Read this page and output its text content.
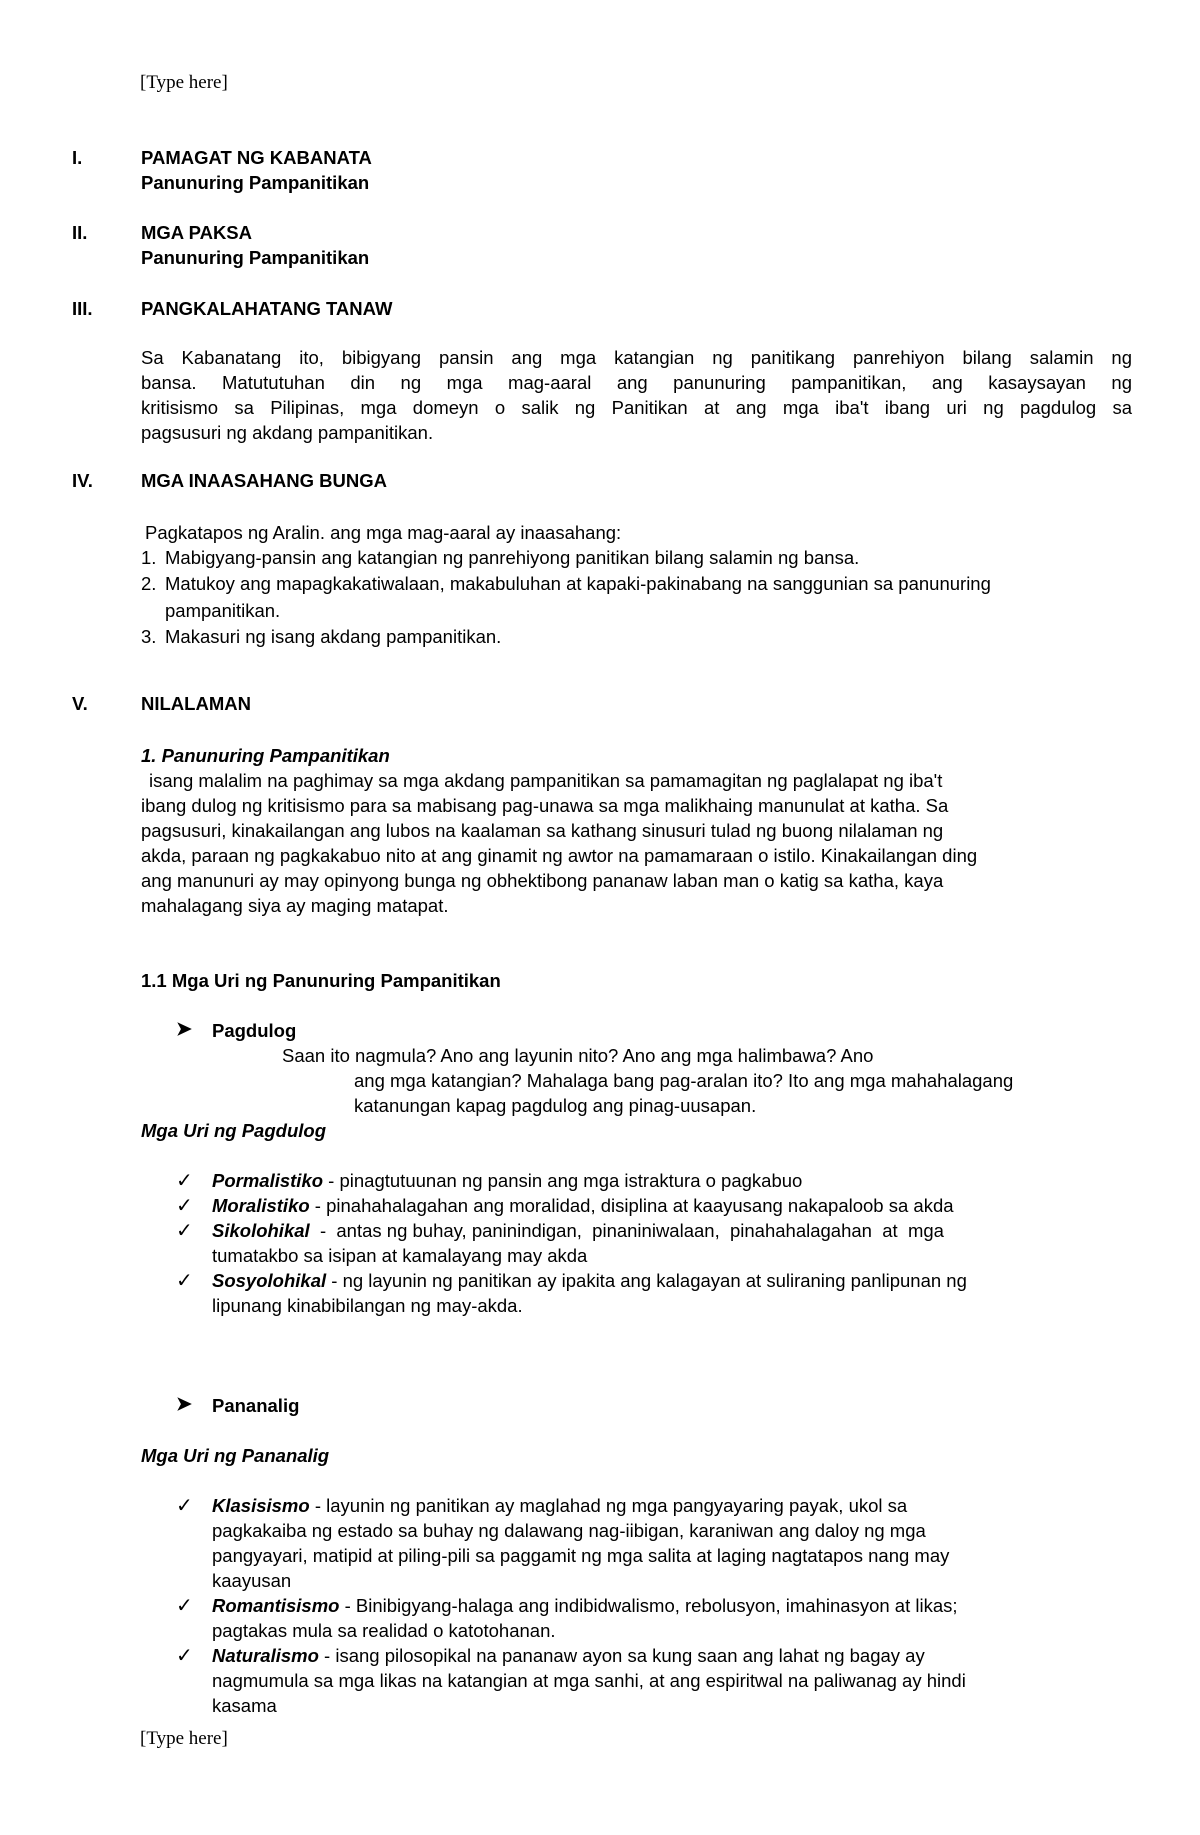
[Type here]
I.	PAMAGAT NG KABANATA
Panunuring Pampanitikan
II.	MGA PAKSA
Panunuring Pampanitikan
III.	PANGKALAHATANG TANAW
Sa Kabanatang ito, bibigyang pansin ang mga katangian ng panitikang panrehiyon bilang salamin ng
bansa. Matututuhan din ng mga mag-aaral ang panunuring pampanitikan, ang kasaysayan ng
kritisismo sa Pilipinas, mga domeyn o salik ng Panitikan at ang mga iba't ibang uri ng pagdulog sa
pagsusuri ng akdang pampanitikan.
IV.	MGA INAASAHANG BUNGA
Pagkatapos ng Aralin. ang mga mag-aaral ay inaasahang:
1. Mabigyang-pansin ang katangian ng panrehiyong panitikan bilang salamin ng bansa.
2. Matukoy ang mapagkakatiwalaan, makabuluhan at kapaki-pakinabang na sanggunian sa panunuring
pampanitikan.
3. Makasuri ng isang akdang pampanitikan.
V.	NILALAMAN
1. Panunuring Pampanitikan
isang malalim na paghimay sa mga akdang pampanitikan sa pamamagitan ng paglalapat ng iba't
ibang dulog ng kritisismo para sa mabisang pag-unawa sa mga malikhaing manunulat at katha. Sa
pagsusuri, kinakailangan ang lubos na kaalaman sa kathang sinusuri tulad ng buong nilalaman ng
akda, paraan ng pagkakabuo nito at ang ginamit ng awtor na pamamaraan o istilo. Kinakailangan ding
ang manunuri ay may opinyong bunga ng obhektibong pananaw laban man o katig sa katha, kaya
mahalagang siya ay maging matapat.
1.1 Mga Uri ng Panunuring Pampanitikan
➤ Pagdulog
Saan ito nagmula? Ano ang layunin nito? Ano ang mga halimbawa? Ano
ang mga katangian? Mahalaga bang pag-aralan ito? Ito ang mga mahahalagang
katanungan kapag pagdulog ang pinag-uusapan.
Mga Uri ng Pagdulog
✓ Pormalistiko - pinagtutuunan ng pansin ang mga istraktura o pagkabuo
✓ Moralistiko - pinahahalagahan ang moralidad, disiplina at kaayusang nakapaloob sa akda
✓ Sikolohikal  -  antas ng buhay, paninindigan,  pinaniniwalaan,  pinahahalagahan  at  mga
tumatakbo sa isipan at kamalayang may akda
✓ Sosyolohikal - ng layunin ng panitikan ay ipakita ang kalagayan at suliraning panlipunan ng
lipunang kinabibilangan ng may-akda.
➤ Pananalig
Mga Uri ng Pananalig
✓ Klasisismo - layunin ng panitikan ay maglahad ng mga pangyayaring payak, ukol sa
pagkakaiba ng estado sa buhay ng dalawang nag-iibigan, karaniwan ang daloy ng mga
pangyayari, matipid at piling-pili sa paggamit ng mga salita at laging nagtatapos nang may
kaayusan
✓ Romantisismo - Binibigyang-halaga ang indibidwalismo, rebolusyon, imahinasyon at likas;
pagtakas mula sa realidad o katotohanan.
✓ Naturalismo - isang pilosopikal na pananaw ayon sa kung saan ang lahat ng bagay ay
nagmumula sa mga likas na katangian at mga sanhi, at ang espiritwal na paliwanag ay hindi
kasama
[Type here]
